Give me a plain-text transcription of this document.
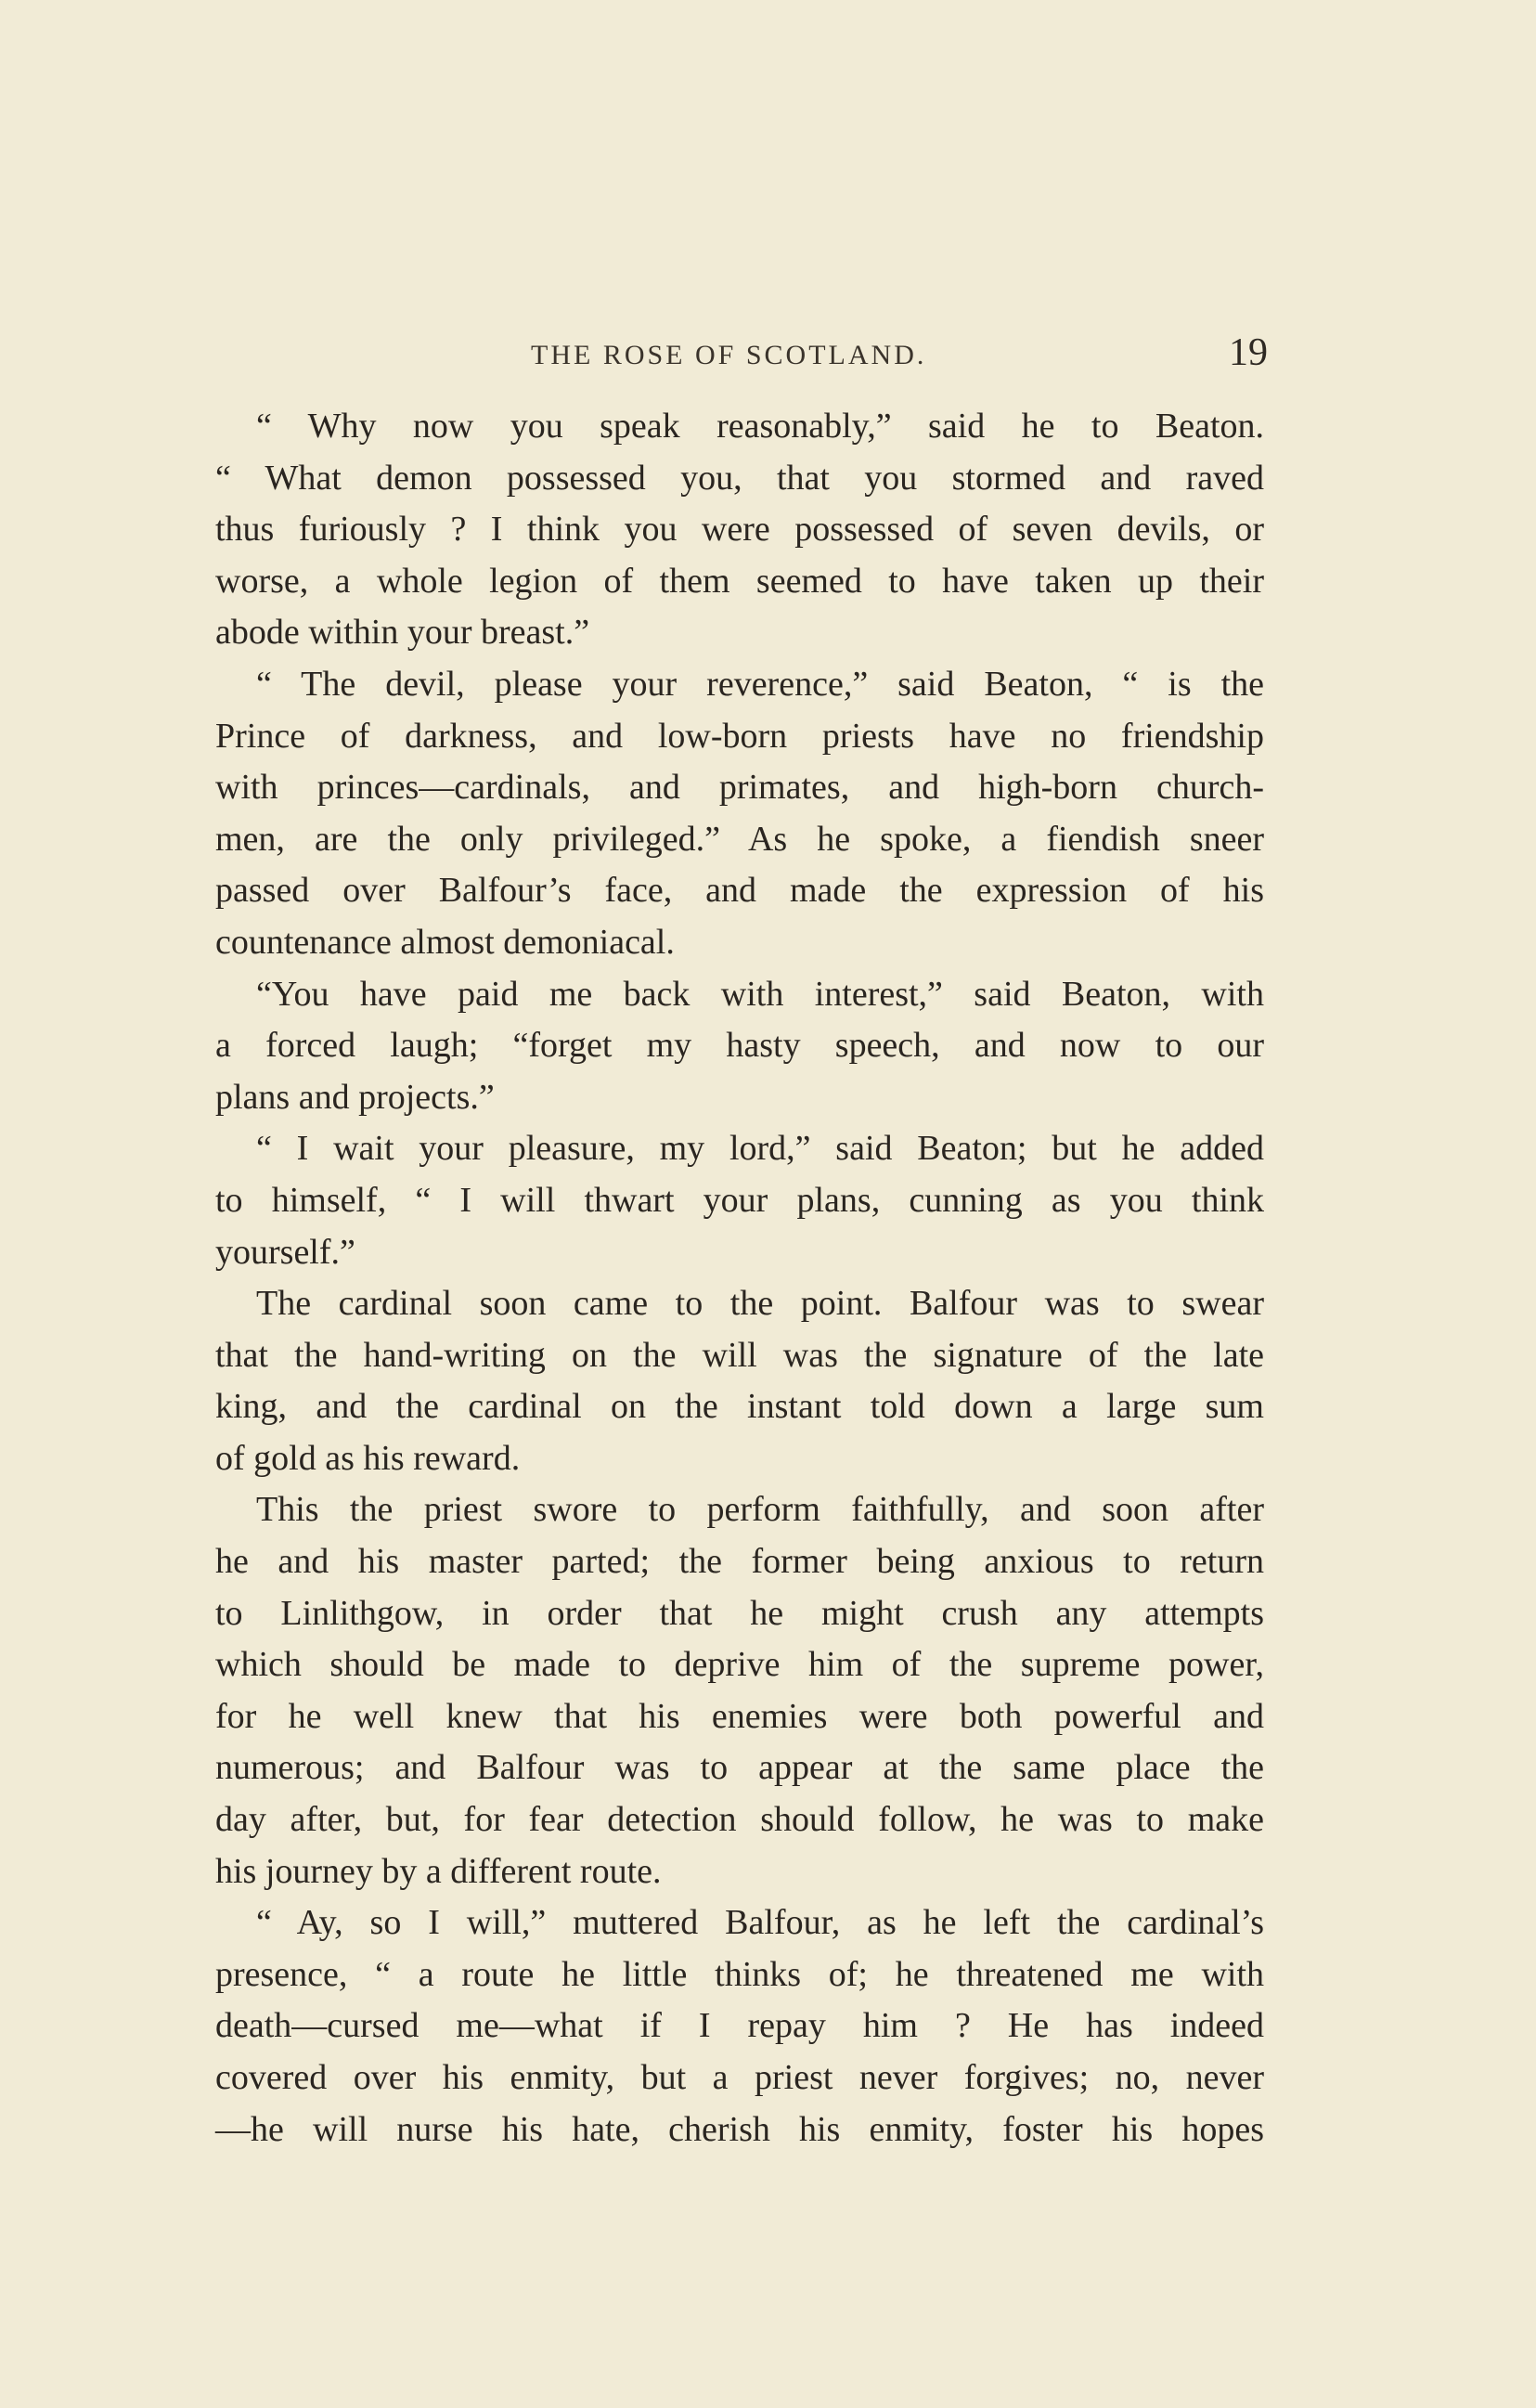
THE ROSE OF SCOTLAND.	19
“ Why now you speak reasonably,” said he to Beaton.
“ What demon possessed you, that you stormed and raved
thus furiously ? I think you were possessed of seven devils, or
worse, a whole legion of them seemed to have taken up their
abode within your breast.”
“ The devil, please your reverence,” said Beaton, “ is the
Prince of darkness, and low-born priests have no friendship
with princes—cardinals, and primates, and high-born church-
men, are the only privileged.” As he spoke, a fiendish sneer
passed over Balfour’s face, and made the expression of his
countenance almost demoniacal.
“You have paid me back with interest,” said Beaton, with
a forced laugh; “forget my hasty speech, and now to our
plans and projects.”
“ I wait your pleasure, my lord,” said Beaton; but he added
to himself, “ I will thwart your plans, cunning as you think
yourself.”
The cardinal soon came to the point. Balfour was to swear
that the hand-writing on the will was the signature of the late
king, and the cardinal on the instant told down a large sum
of gold as his reward.
This the priest swore to perform faithfully, and soon after
he and his master parted; the former being anxious to return
to Linlithgow, in order that he might crush any attempts
which should be made to deprive him of the supreme power,
for he well knew that his enemies were both powerful and
numerous; and Balfour was to appear at the same place the
day after, but, for fear detection should follow, he was to make
his journey by a different route.
“ Ay, so I will,” muttered Balfour, as he left the cardinal’s
presence, “ a route he little thinks of; he threatened me with
death—cursed me—what if I repay him ? He has indeed
covered over his enmity, but a priest never forgives; no, never
—he will nurse his hate, cherish his enmity, foster his hopes
